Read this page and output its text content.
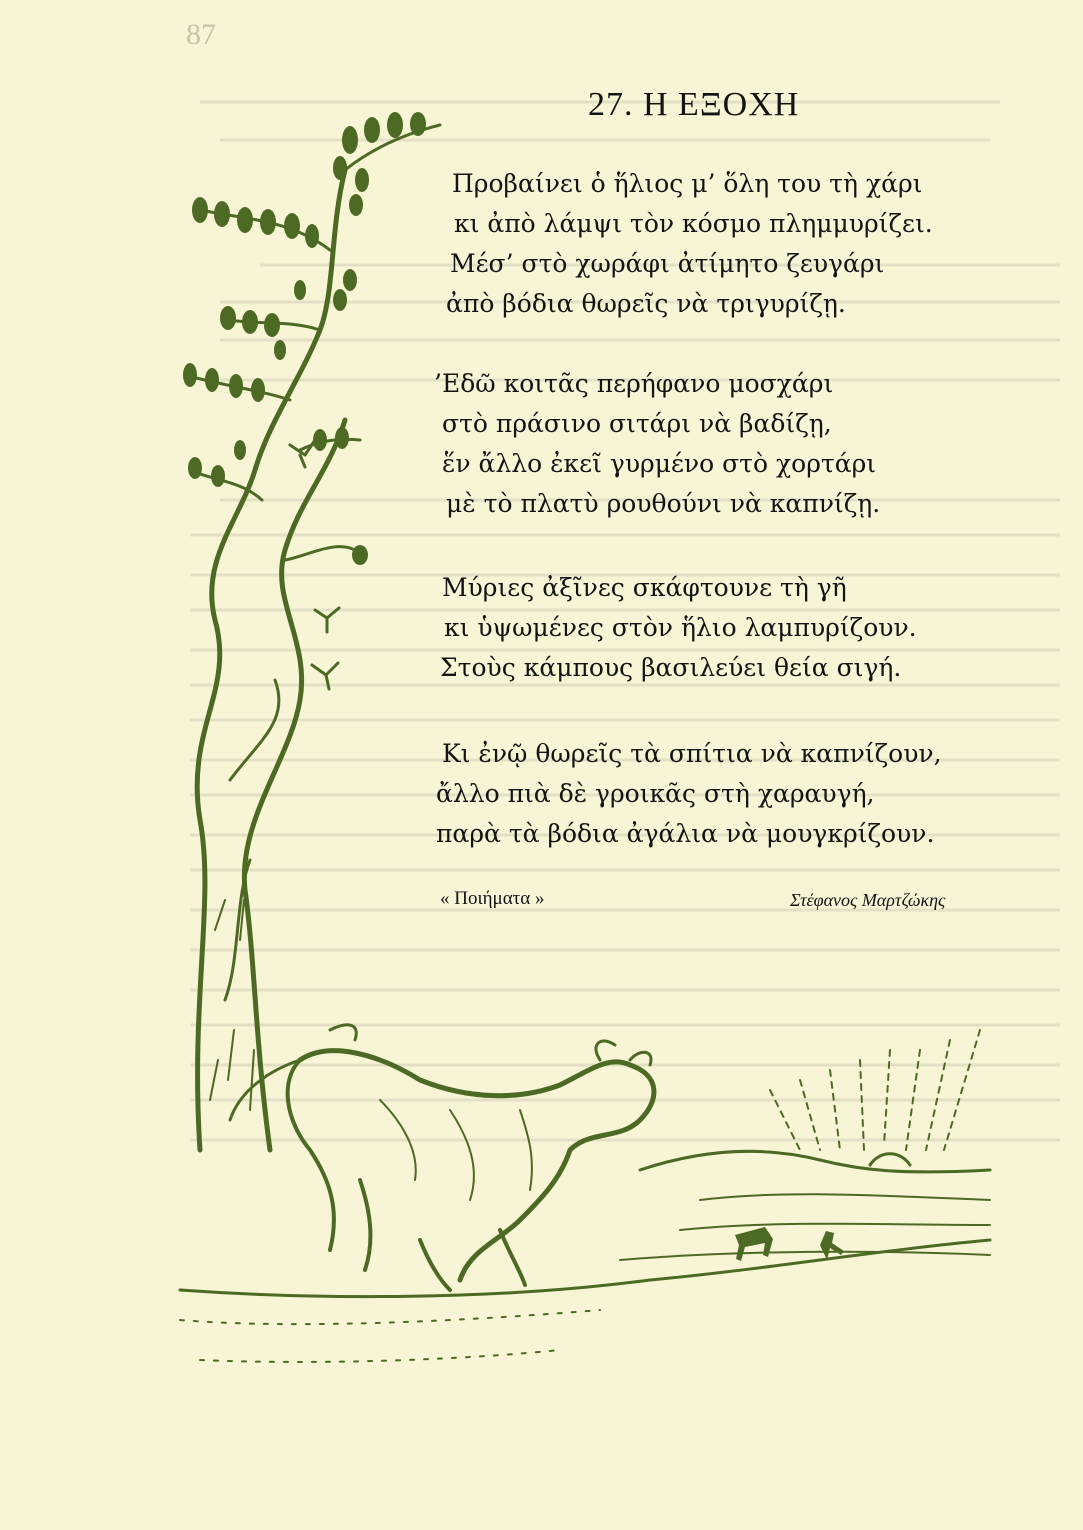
87
27. Η ΕΞΟΧΗ
Προβαίνει ὁ ἥλιος μ’ ὅλη του τὴ χάρι
κι ἀπὸ λάμψι τὸν κόσμο πλημμυρίζει.
Μέσ’ στὸ χωράφι ἀτίμητο ζευγάρι
ἀπὸ βόδια θωρεῖς νὰ τριγυρίζῃ.
’Εδῶ κοιτᾶς περήφανο μοσχάρι
στὸ πράσινο σιτάρι νὰ βαδίζῃ,
ἕν ἄλλο ἐκεῖ γυρμένο στὸ χορτάρι
μὲ τὸ πλατὺ ρουθούνι νὰ καπνίζῃ.
Μύριες ἀξῖνες σκάφτουνε τὴ γῆ
κι ὑψωμένες στὸν ἥλιο λαμπυρίζουν.
Στοὺς κάμπους βασιλεύει θεία σιγή.
Κι ἐνῷ θωρεῖς τὰ σπίτια νὰ καπνίζουν,
ἄλλο πιὰ δὲ γροικᾶς στὴ χαραυγή,
παρὰ τὰ βόδια ἀγάλια νὰ μουγκρίζουν.
« Ποιήματα »	Στέφανος Μαρτζώκης
